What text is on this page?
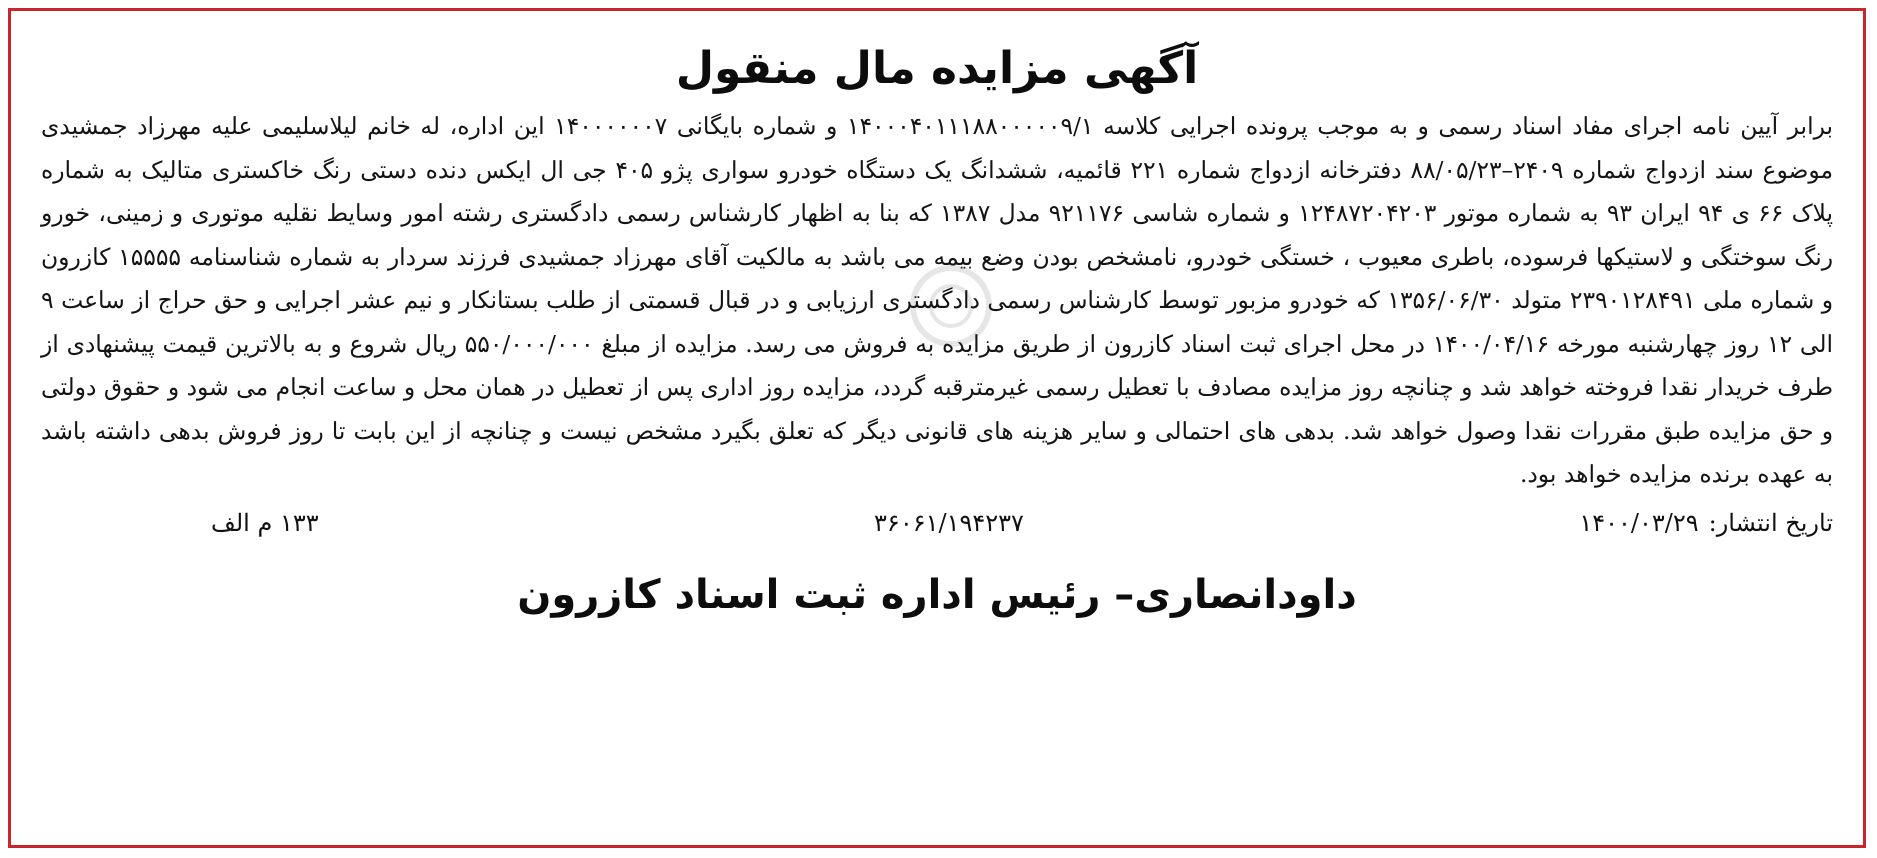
آگهی مزایده مال منقول

برابر آیین نامه اجرای مفاد اسناد رسمی و به موجب پرونده اجرایی کلاسه ۱۴۰۰۰۴۰۱۱۱۸۸۰۰۰۰۰۹/۱ و شماره بایگانی ۱۴۰۰۰۰۰۰۷ این اداره، له خانم لیلاسلیمی علیه مهرزاد جمشیدی موضوع سند ازدواج شماره ۲۴۰۹–۸۸/۰۵/۲۳ دفترخانه ازدواج شماره ۲۲۱ قائمیه، ششدانگ یک دستگاه خودرو سواری پژو ۴۰۵ جی ال ایکس دنده دستی رنگ خاکستری متالیک به شماره پلاک ۶۶ ی ۹۴ ایران ۹۳ به شماره موتور ۱۲۴۸۷۲۰۴۲۰۳ و شماره شاسی ۹۲۱۱۷۶ مدل ۱۳۸۷ که بنا به اظهار کارشناس رسمی دادگستری رشته امور وسایط نقلیه موتوری و زمینی، خورو رنگ سوختگی و لاستیکها فرسوده، باطری معیوب ، خستگی خودرو، نامشخص بودن وضع بیمه می باشد به مالکیت آقای مهرزاد جمشیدی فرزند سردار به شماره شناسنامه ۱۵۵۵۵ کازرون و شماره ملی ۲۳۹۰۱۲۸۴۹۱ متولد ۱۳۵۶/۰۶/۳۰ که خودرو مزبور توسط کارشناس رسمی دادگستری ارزیابی و در قبال قسمتی از طلب بستانکار و نیم عشر اجرایی و حق حراج از ساعت ۹ الی ۱۲ روز چهارشنبه مورخه ۱۴۰۰/۰۴/۱۶ در محل اجرای ثبت اسناد کازرون از طریق مزایده به فروش می رسد. مزایده از مبلغ ۵۵۰/۰۰۰/۰۰۰ ریال شروع و به بالاترین قیمت پیشنهادی از طرف خریدار نقدا فروخته خواهد شد و چنانچه روز مزایده مصادف با تعطیل رسمی غیرمترقبه گردد، مزایده روز اداری پس از تعطیل در همان محل و ساعت انجام می شود و حقوق دولتی و حق مزایده طبق مقررات نقدا وصول خواهد شد. بدهی های احتمالی و سایر هزینه های قانونی دیگر که تعلق بگیرد مشخص نیست و چنانچه از این بابت تا روز فروش بدهی داشته باشد به عهده برنده مزایده خواهد بود.

تاریخ انتشار:
۱۴۰۰/۰۳/۲۹
۳۶۰۶۱/۱۹۴۲۳۷
۱۳۳ م الف
داودانصاری– رئیس اداره ثبت اسناد کازرون
